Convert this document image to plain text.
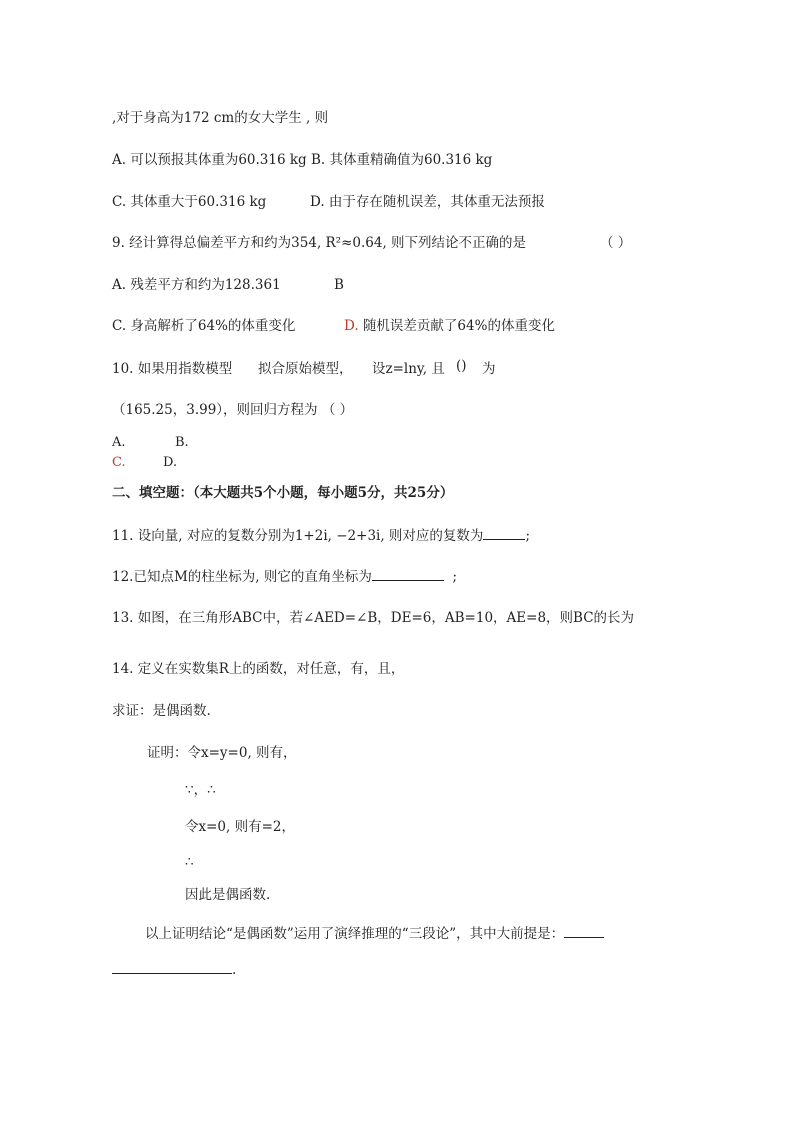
,对于身高为172 cm的女大学生 , 则
A. 可以预报其体重为60.316 kg B. 其体重精确值为60.316 kg
C. 其体重大于60.316 kg	D. 由于存在随机误差，其体重无法预报
9. 经计算得总偏差平方和约为354, R²≈0.64, 则下列结论不正确的是	（ ）
A. 残差平方和约为128.361	B
C. 身高解析了64%的体重变化	D. 随机误差贡献了64%的体重变化
10. 如果用指数模型 拟合原始模型， 设z=lny, 且 () 为
（165.25，3.99），则回归方程为 （ ）
A.	B.
C.	D.
二、填空题：（本大题共5个小题，每小题5分，共25分）
11. 设向量, 对应的复数分别为1+2i, −2+3i, 则对应的复数为	;
12.已知点M的柱坐标为, 则它的直角坐标为	;
13. 如图，在三角形ABC中，若∠AED=∠B，DE=6，AB=10，AE=8，则BC的长为
14. 定义在实数集R上的函数，对任意，有，且，
求证：是偶函数.
证明：令x=y=0, 则有，
∵，∴
令x=0, 则有=2，
∴
因此是偶函数.
以上证明结论“是偶函数”运用了演绎推理的“三段论”，其中大前提是：
.
